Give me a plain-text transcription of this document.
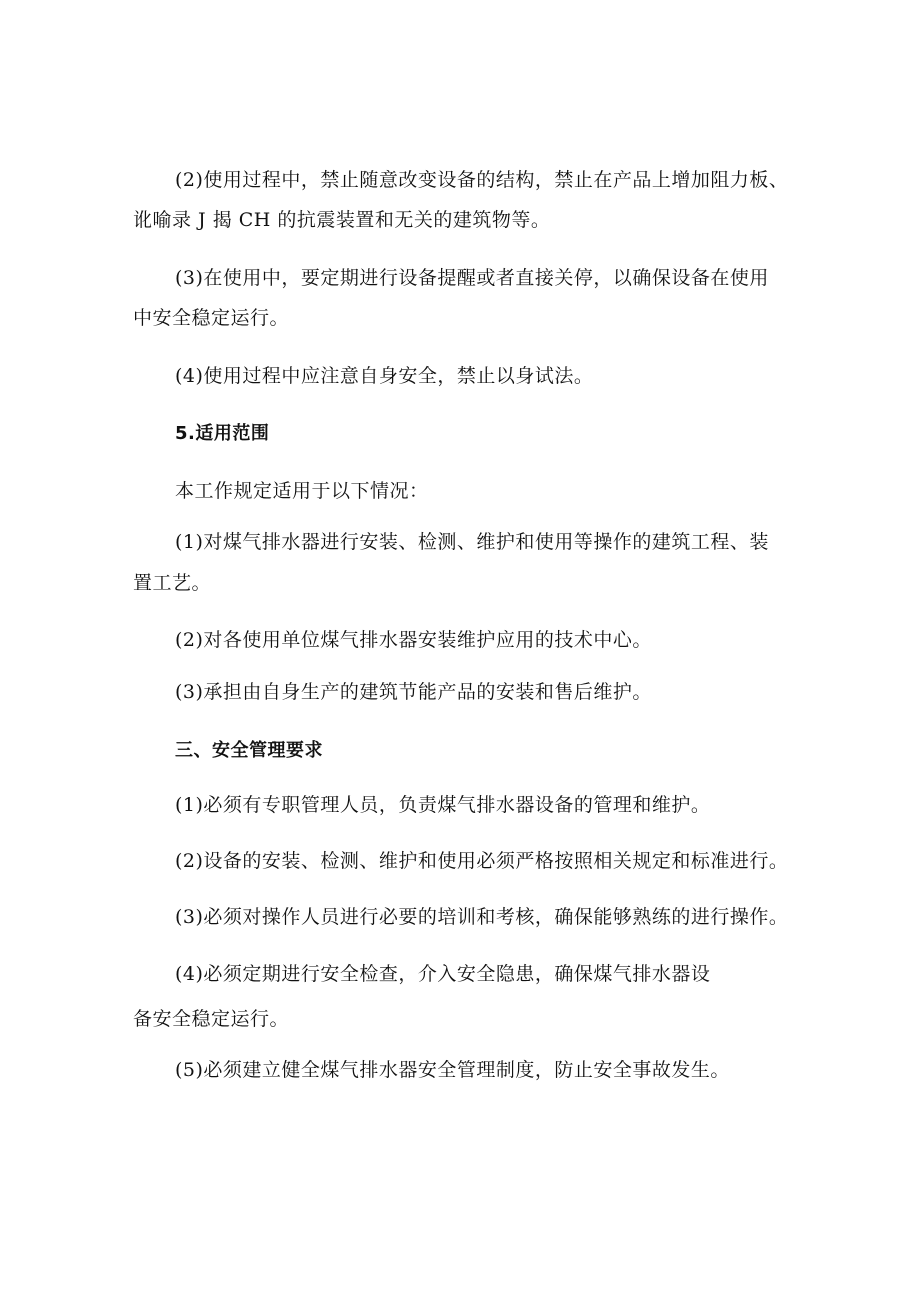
(2)使用过程中，禁止随意改变设备的结构，禁止在产品上增加阻力板、
讹喻录 J 揭 CH 的抗震装置和无关的建筑物等。
(3)在使用中，要定期进行设备提醒或者直接关停，以确保设备在使用
中安全稳定运行。
(4)使用过程中应注意自身安全，禁止以身试法。
5.适用范围
本工作规定适用于以下情况：
(1)对煤气排水器进行安装、检测、维护和使用等操作的建筑工程、装
置工艺。
(2)对各使用单位煤气排水器安装维护应用的技术中心。
(3)承担由自身生产的建筑节能产品的安装和售后维护。
三、安全管理要求
(1)必须有专职管理人员，负责煤气排水器设备的管理和维护。
(2)设备的安装、检测、维护和使用必须严格按照相关规定和标准进行。
(3)必须对操作人员进行必要的培训和考核，确保能够熟练的进行操作。
(4)必须定期进行安全检查，介入安全隐患，确保煤气排水器设
备安全稳定运行。
(5)必须建立健全煤气排水器安全管理制度，防止安全事故发生。
